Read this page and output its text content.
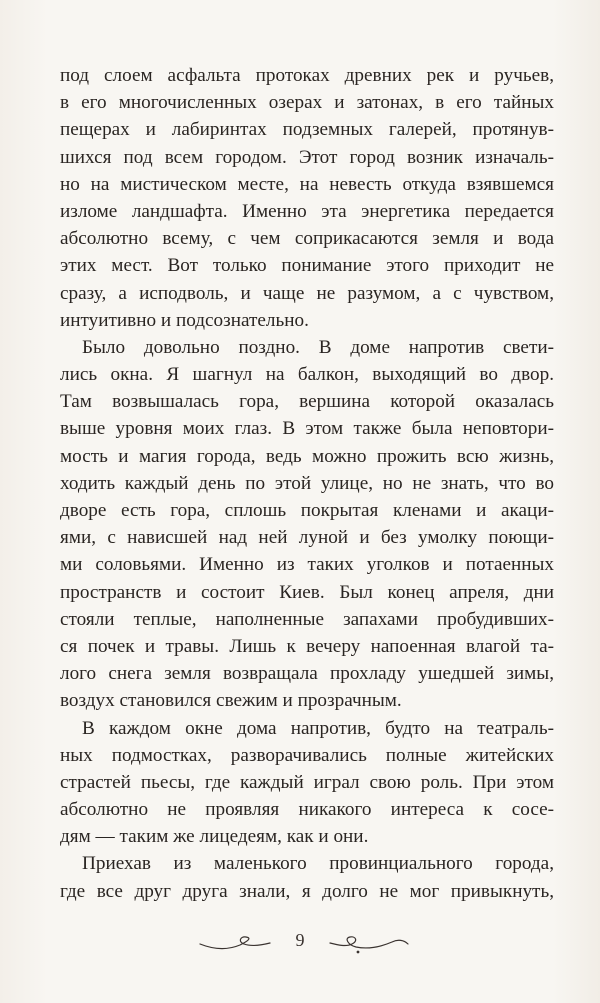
под слоем асфальта протоках древних рек и ручьев,
в его многочисленных озерах и затонах, в его тайных
пещерах и лабиринтах подземных галерей, протянув-
шихся под всем городом. Этот город возник изначаль-
но на мистическом месте, на невесть откуда взявшемся
изломе ландшафта. Именно эта энергетика передается
абсолютно всему, с чем соприкасаются земля и вода
этих мест. Вот только понимание этого приходит не
сразу, а исподволь, и чаще не разумом, а с чувством,
интуитивно и подсознательно.
Было довольно поздно. В доме напротив свети-
лись окна. Я шагнул на балкон, выходящий во двор.
Там возвышалась гора, вершина которой оказалась
выше уровня моих глаз. В этом также была неповтори-
мость и магия города, ведь можно прожить всю жизнь,
ходить каждый день по этой улице, но не знать, что во
дворе есть гора, сплошь покрытая кленами и акаци-
ями, с нависшей над ней луной и без умолку поющи-
ми соловьями. Именно из таких уголков и потаенных
пространств и состоит Киев. Был конец апреля, дни
стояли теплые, наполненные запахами пробудивших-
ся почек и травы. Лишь к вечеру напоенная влагой та-
лого снега земля возвращала прохладу ушедшей зимы,
воздух становился свежим и прозрачным.
В каждом окне дома напротив, будто на театраль-
ных подмостках, разворачивались полные житейских
страстей пьесы, где каждый играл свою роль. При этом
абсолютно не проявляя никакого интереса к сосе-
дям — таким же лицедеям, как и они.
Приехав из маленького провинциального города,
где все друг друга знали, я долго не мог привыкнуть,
9
